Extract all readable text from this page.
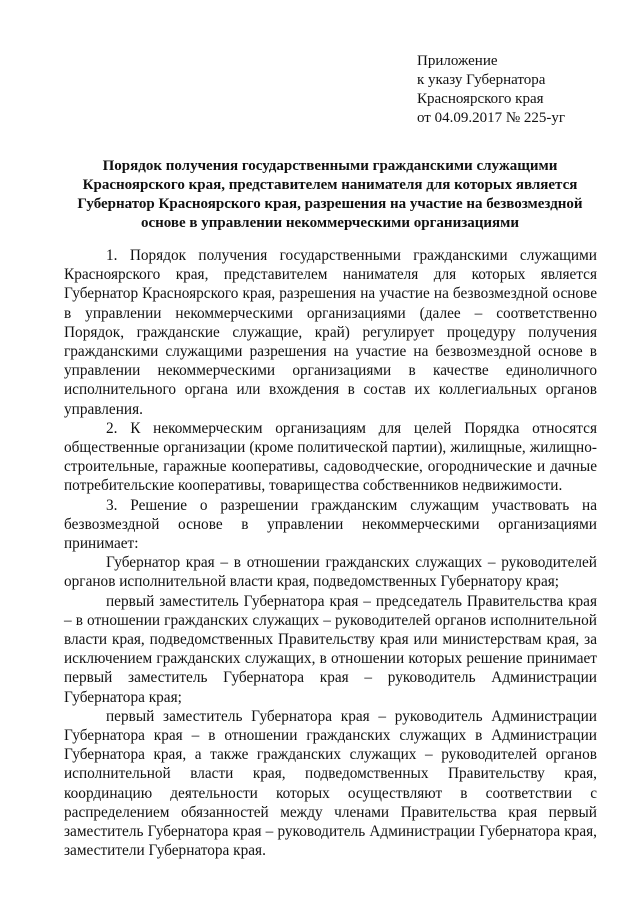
Приложение
к указу Губернатора
Красноярского края
от 04.09.2017 № 225-уг
Порядок получения государственными гражданскими служащими
Красноярского края, представителем нанимателя для которых является
Губернатор Красноярского края, разрешения на участие на безвозмездной
основе в управлении некоммерческими организациями

1. Порядок получения государственными гражданскими служащими Красноярского края, представителем нанимателя для которых является Губернатор Красноярского края, разрешения на участие на безвозмездной основе в управлении некоммерческими организациями (далее – соответственно Порядок, гражданские служащие, край) регулирует процедуру получения гражданскими служащими разрешения на участие на безвозмездной основе в управлении некоммерческими организациями в качестве единоличного исполнительного органа или вхождения в состав их коллегиальных органов управления.

2. К некоммерческим организациям для целей Порядка относятся общественные организации (кроме политической партии), жилищные, жилищно-строительные, гаражные кооперативы, садоводческие, огороднические и дачные потребительские кооперативы, товарищества собственников недвижимости.

3. Решение о разрешении гражданским служащим участвовать на безвозмездной основе в управлении некоммерческими организациями принимает:

Губернатор края – в отношении гражданских служащих – руководителей органов исполнительной власти края, подведомственных Губернатору края;

первый заместитель Губернатора края – председатель Правительства края – в отношении гражданских служащих – руководителей органов исполнительной власти края, подведомственных Правительству края или министерствам края, за исключением гражданских служащих, в отношении которых решение принимает первый заместитель Губернатора края – руководитель Администрации Губернатора края;

первый заместитель Губернатора края – руководитель Администрации Губернатора края – в отношении гражданских служащих в Администрации Губернатора края, а также гражданских служащих – руководителей органов исполнительной власти края, подведомственных Правительству края, координацию деятельности которых осуществляют в соответствии с распределением обязанностей между членами Правительства края первый заместитель Губернатора края – руководитель Администрации Губернатора края, заместители Губернатора края.
